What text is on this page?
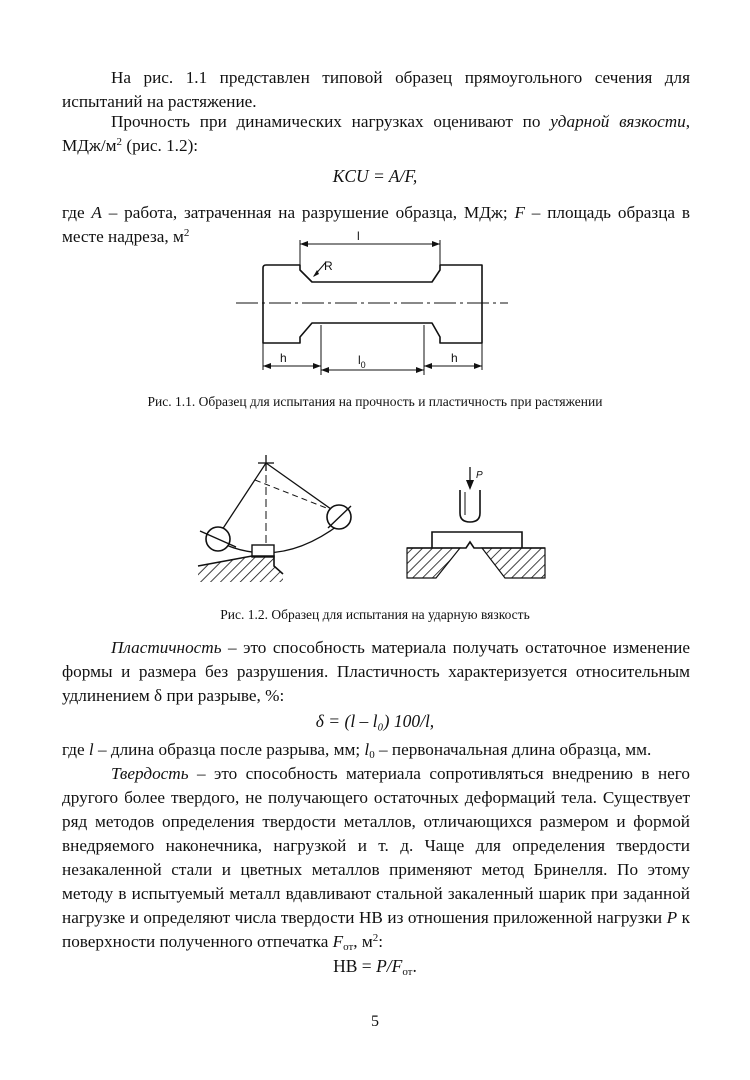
На рис. 1.1 представлен типовой образец прямоугольного сечения для испытаний на растяжение.

Прочность при динамических нагрузках оценивают по ударной вязкости, МДж/$м^2$ (рис. 1.2):

KCU = A/F,

где A – работа, затраченная на разрушение образца, МДж; F – площадь образца в месте надреза, $м^2$	l
R
h	$l_0$	h

Рис. 1.1. Образец для испытания на прочность и пластичность при растяжении

P

Рис. 1.2. Образец для испытания на ударную вязкость

Пластичность – это способность материала получать остаточное изменение формы и размера без разрушения. Пластичность характеризуется относительным удлинением δ при разрыве, %:

δ = (l – l₀) 100/l,

где l – длина образца после разрыва, мм; $l_0$ – первоначальная длина образца, мм.

Твердость – это способность материала сопротивляться внедрению в него другого более твердого, не получающего остаточных деформаций тела. Существует ряд методов определения твердости металлов, отличающихся размером и формой внедряемого наконечника, нагрузкой и т. д. Чаще для определения твердости незакаленной стали и цветных металлов применяют метод Бринелля. По этому методу в испытуемый металл вдавливают стальной закаленный шарик при заданной нагрузке и определяют числа твердости НВ из отношения приложенной нагрузки P к поверхности полученного отпечатка $F_{от}$, $м^2$:

НВ = $P/F_{от}$.

5
